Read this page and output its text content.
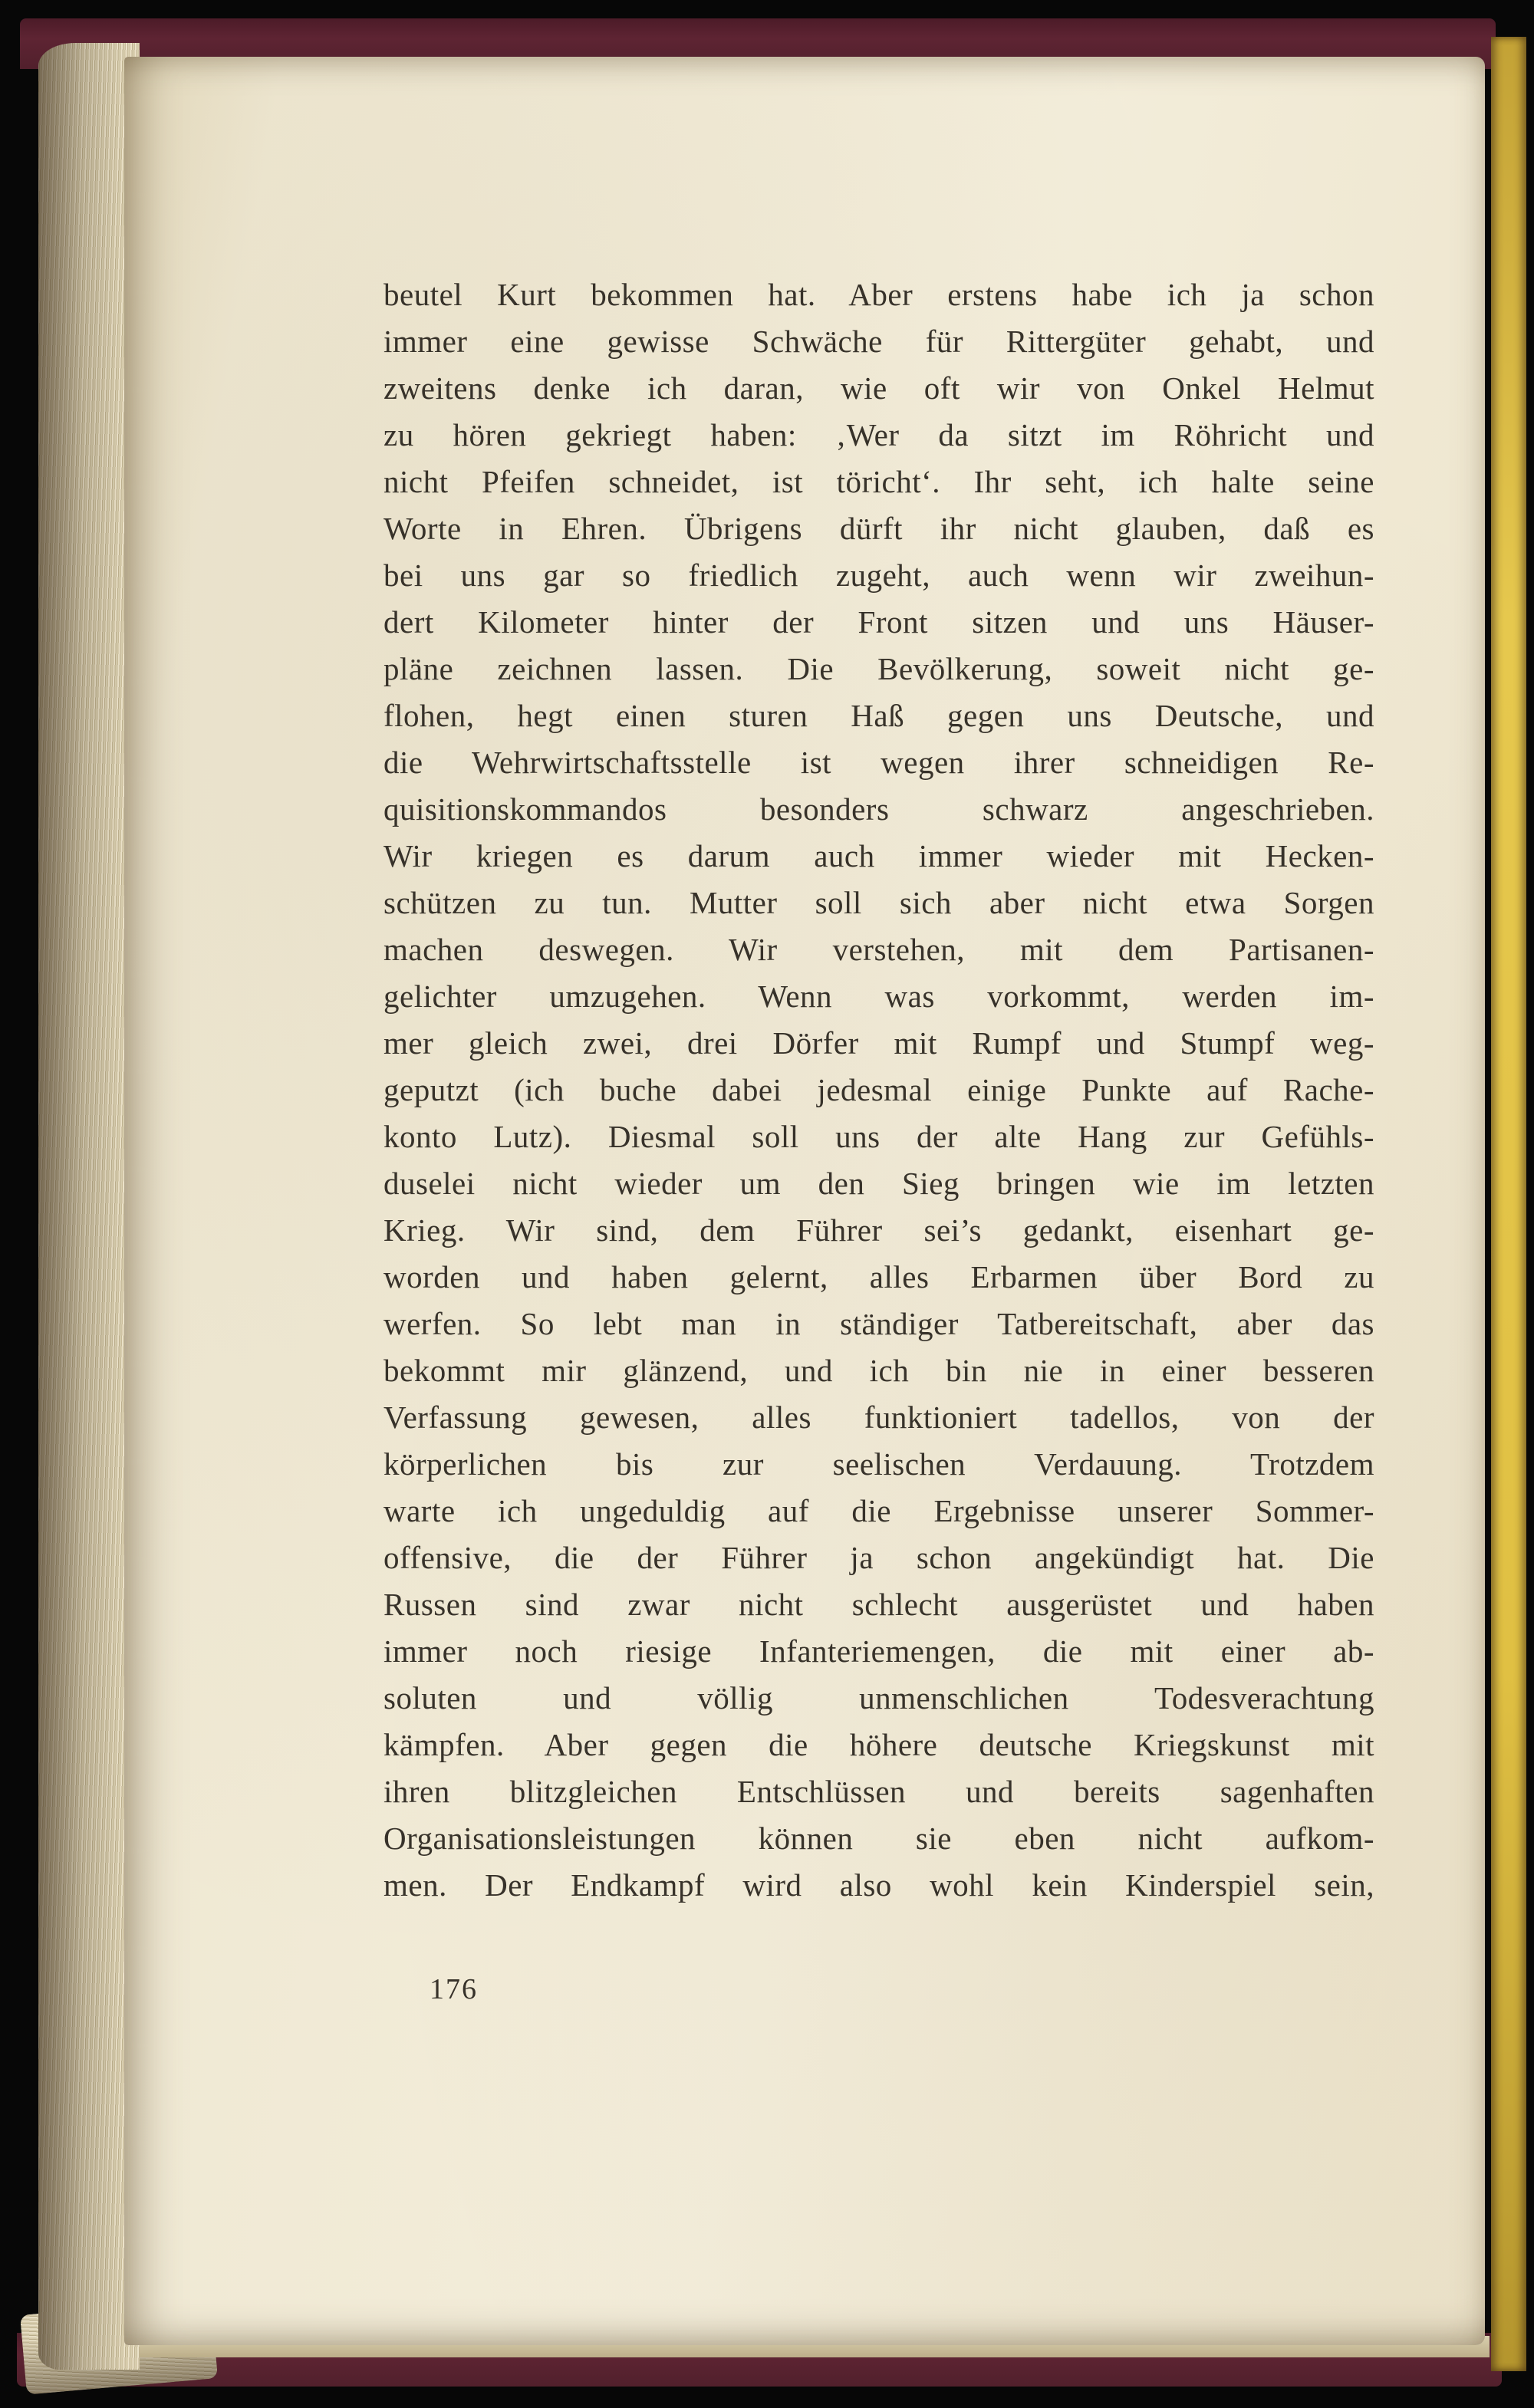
beutel Kurt bekommen hat. Aber erstens habe ich ja schon
immer eine gewisse Schwäche für Rittergüter gehabt, und
zweitens denke ich daran, wie oft wir von Onkel Helmut
zu hören gekriegt haben: ‚Wer da sitzt im Röhricht und
nicht Pfeifen schneidet, ist töricht‘. Ihr seht, ich halte seine
Worte in Ehren. Übrigens dürft ihr nicht glauben, daß es
bei uns gar so friedlich zugeht, auch wenn wir zweihun-
dert Kilometer hinter der Front sitzen und uns Häuser-
pläne zeichnen lassen. Die Bevölkerung, soweit nicht ge-
flohen, hegt einen sturen Haß gegen uns Deutsche, und
die Wehrwirtschaftsstelle ist wegen ihrer schneidigen Re-
quisitionskommandos besonders schwarz angeschrieben.
Wir kriegen es darum auch immer wieder mit Hecken-
schützen zu tun. Mutter soll sich aber nicht etwa Sorgen
machen deswegen. Wir verstehen, mit dem Partisanen-
gelichter umzugehen. Wenn was vorkommt, werden im-
mer gleich zwei, drei Dörfer mit Rumpf und Stumpf weg-
geputzt (ich buche dabei jedesmal einige Punkte auf Rache-
konto Lutz). Diesmal soll uns der alte Hang zur Gefühls-
duselei nicht wieder um den Sieg bringen wie im letzten
Krieg. Wir sind, dem Führer sei’s gedankt, eisenhart ge-
worden und haben gelernt, alles Erbarmen über Bord zu
werfen. So lebt man in ständiger Tatbereitschaft, aber das
bekommt mir glänzend, und ich bin nie in einer besseren
Verfassung gewesen, alles funktioniert tadellos, von der
körperlichen bis zur seelischen Verdauung. Trotzdem
warte ich ungeduldig auf die Ergebnisse unserer Sommer-
offensive, die der Führer ja schon angekündigt hat. Die
Russen sind zwar nicht schlecht ausgerüstet und haben
immer noch riesige Infanteriemengen, die mit einer ab-
soluten und völlig unmenschlichen Todesverachtung
kämpfen. Aber gegen die höhere deutsche Kriegskunst mit
ihren blitzgleichen Entschlüssen und bereits sagenhaften
Organisationsleistungen können sie eben nicht aufkom-
men. Der Endkampf wird also wohl kein Kinderspiel sein,
176
